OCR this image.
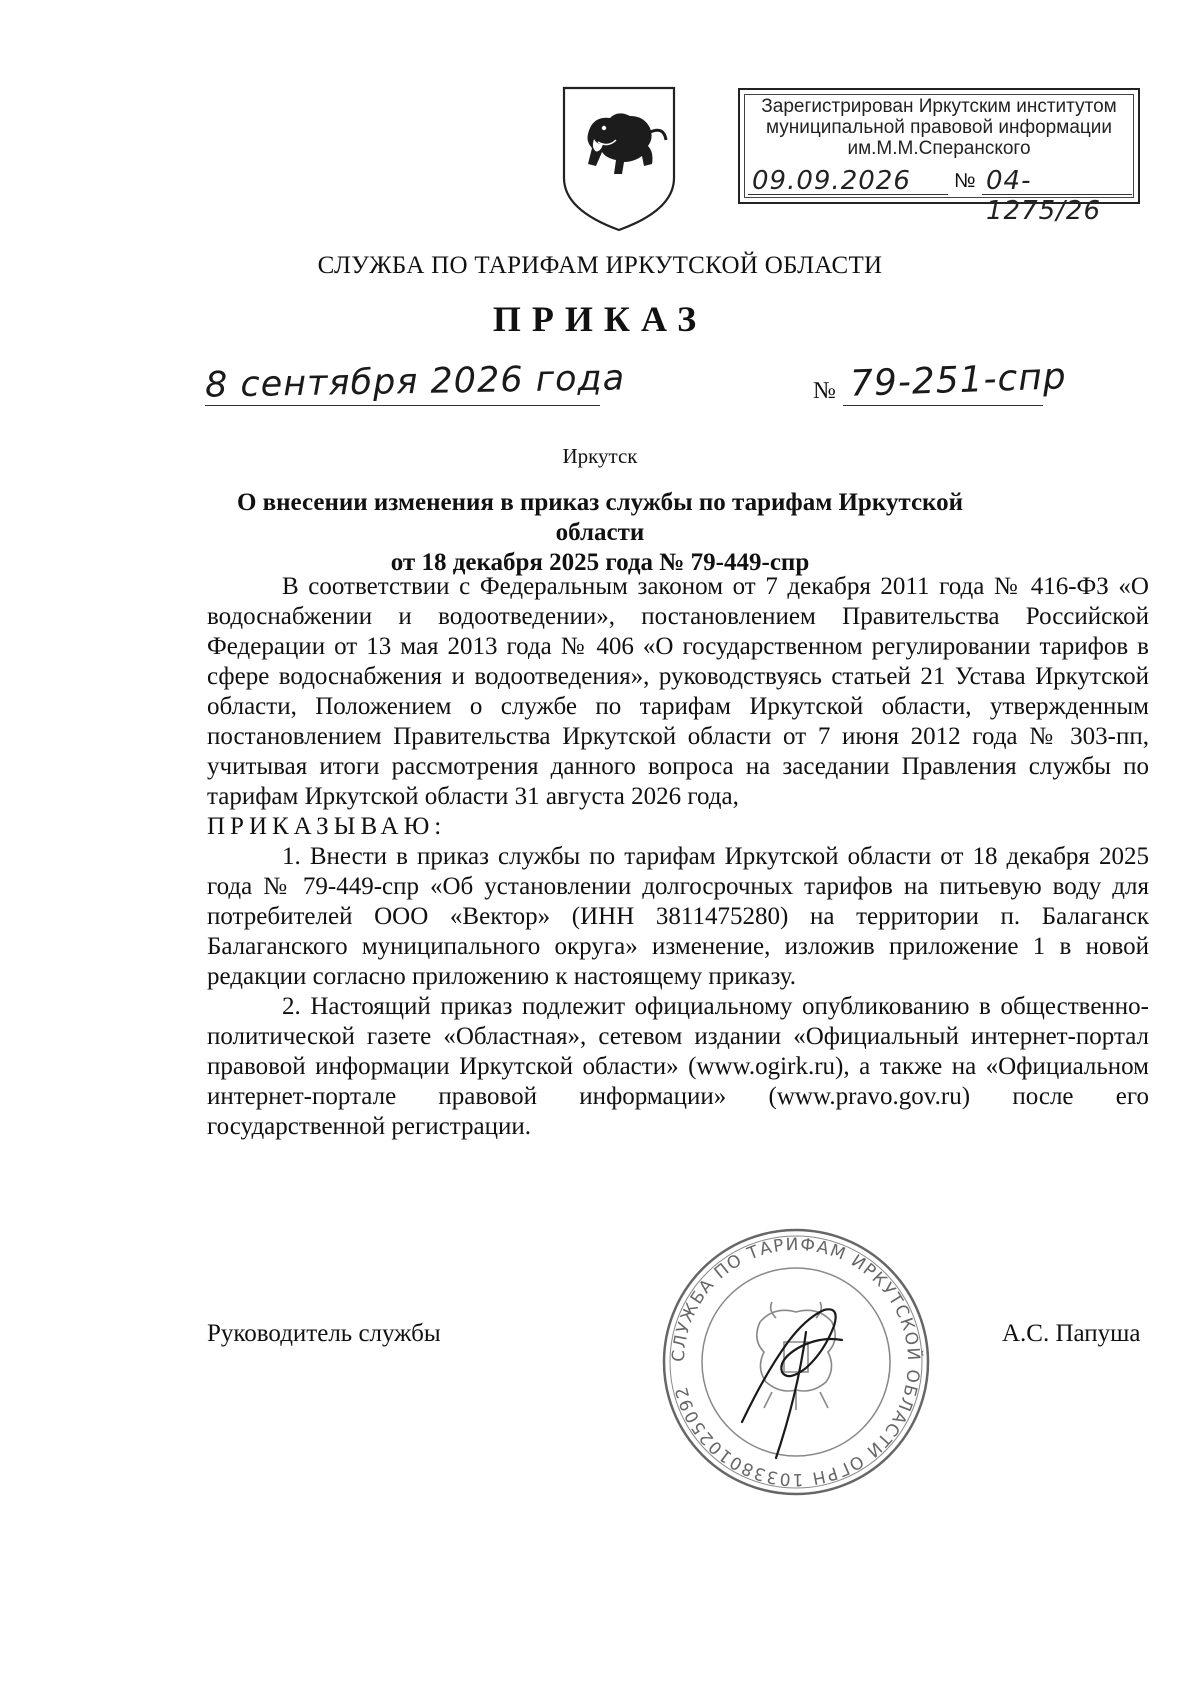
Зарегистрирован Иркутским институтом
муниципальной правовой информации
им.М.М.Сперанского
09.09.2026 № 04-1275/26
СЛУЖБА ПО ТАРИФАМ ИРКУТСКОЙ ОБЛАСТИ
ПРИКАЗ
8 сентября 2026 года	№ 79-251-спр
Иркутск
О внесении изменения в приказ службы по тарифам Иркутской области
от 18 декабря 2025 года № 79-449-спр

В соответствии с Федеральным законом от 7 декабря 2011 года № 416-ФЗ «О водоснабжении и водоотведении», постановлением Правительства Российской Федерации от 13 мая 2013 года № 406 «О государственном регулировании тарифов в сфере водоснабжения и водоотведения», руководствуясь статьей 21 Устава Иркутской области, Положением о службе по тарифам Иркутской области, утвержденным постановлением Правительства Иркутской области от 7 июня 2012 года № 303-пп, учитывая итоги рассмотрения данного вопроса на заседании Правления службы по тарифам Иркутской области 31 августа 2026 года,

ПРИКАЗЫВАЮ:

1. Внести в приказ службы по тарифам Иркутской области от 18 декабря 2025 года № 79-449-спр «Об установлении долгосрочных тарифов на питьевую воду для потребителей ООО «Вектор» (ИНН 3811475280) на территории п. Балаганск Балаганского муниципального округа» изменение, изложив приложение 1 в новой редакции согласно приложению к настоящему приказу.

2. Настоящий приказ подлежит официальному опубликованию в общественно-политической газете «Областная», сетевом издании «Официальный интернет-портал правовой информации Иркутской области» (www.ogirk.ru), а также на «Официальном интернет-портале правовой информации» (www.pravo.gov.ru) после его государственной регистрации.

Руководитель службы	А.С. Папуша
СЛУЖБА ПО ТАРИФАМ ИРКУТСКОЙ ОБЛАСТИ ОГРН 1033801025092
